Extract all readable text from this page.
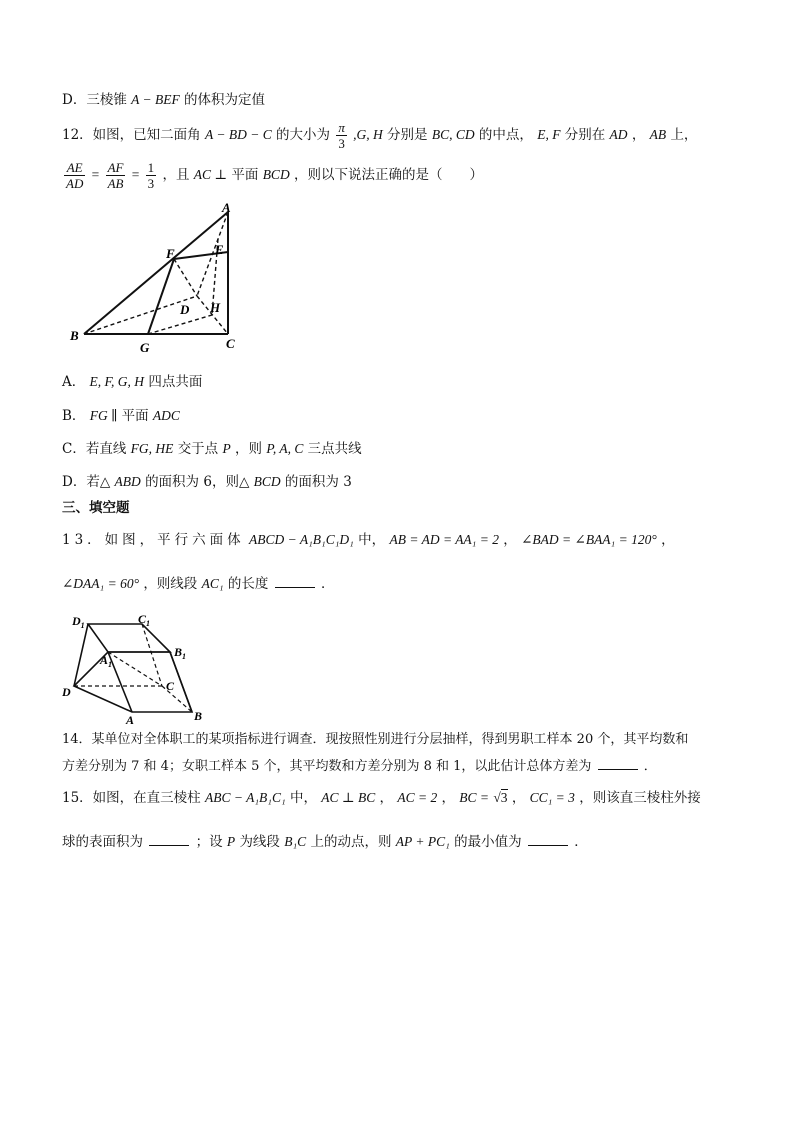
D．三棱锥 A − BEF 的体积为定值
12．如图，已知二面角 A − BD − C 的大小为 $\frac{\pi}{3} ,G$, H 分别是 BC, CD 的中点， E, F 分别在 AD ， AB 上，
$\frac{AE}{AD} = \frac{AF}{AB} = \frac{1}{3}$ ，且 AC ⊥ 平面 BCD ，则以下说法正确的是（　　）
A
B
C
D
E
F
G
H
A． E, F, G, H 四点共面
B． FG ∥ 平面 ADC
C．若直线 FG, HE 交于点 P ，则 P, A, C 三点共线
D．若△ ABD 的面积为 6，则△ BCD 的面积为 3
三、填空题
13．如图，平行六面体 ABCD − A₁B₁C₁D₁ 中， AB = AD = AA₁ = 2 ， ∠BAD = ∠BAA₁ = 120° ，
∠DAA₁ = 60° ，则线段 AC₁ 的长度	．
$D_1$	$C_1$
$B_1$
$A_1$
D	C
A	B
14．某单位对全体职工的某项指标进行调查．现按照性别进行分层抽样，得到男职工样本 20 个，其平均数和
方差分别为 7 和 4；女职工样本 5 个，其平均数和方差分别为 8 和 1，以此估计总体方差为	．
15．如图，在直三棱柱 ABC − A₁B₁C₁ 中， AC ⊥ BC ， AC = 2 ， BC = √3 ， CC₁ = 3 ，则该直三棱柱外接
球的表面积为	；设 P 为线段 B₁C 上的动点，则 AP + PC₁ 的最小值为	．
